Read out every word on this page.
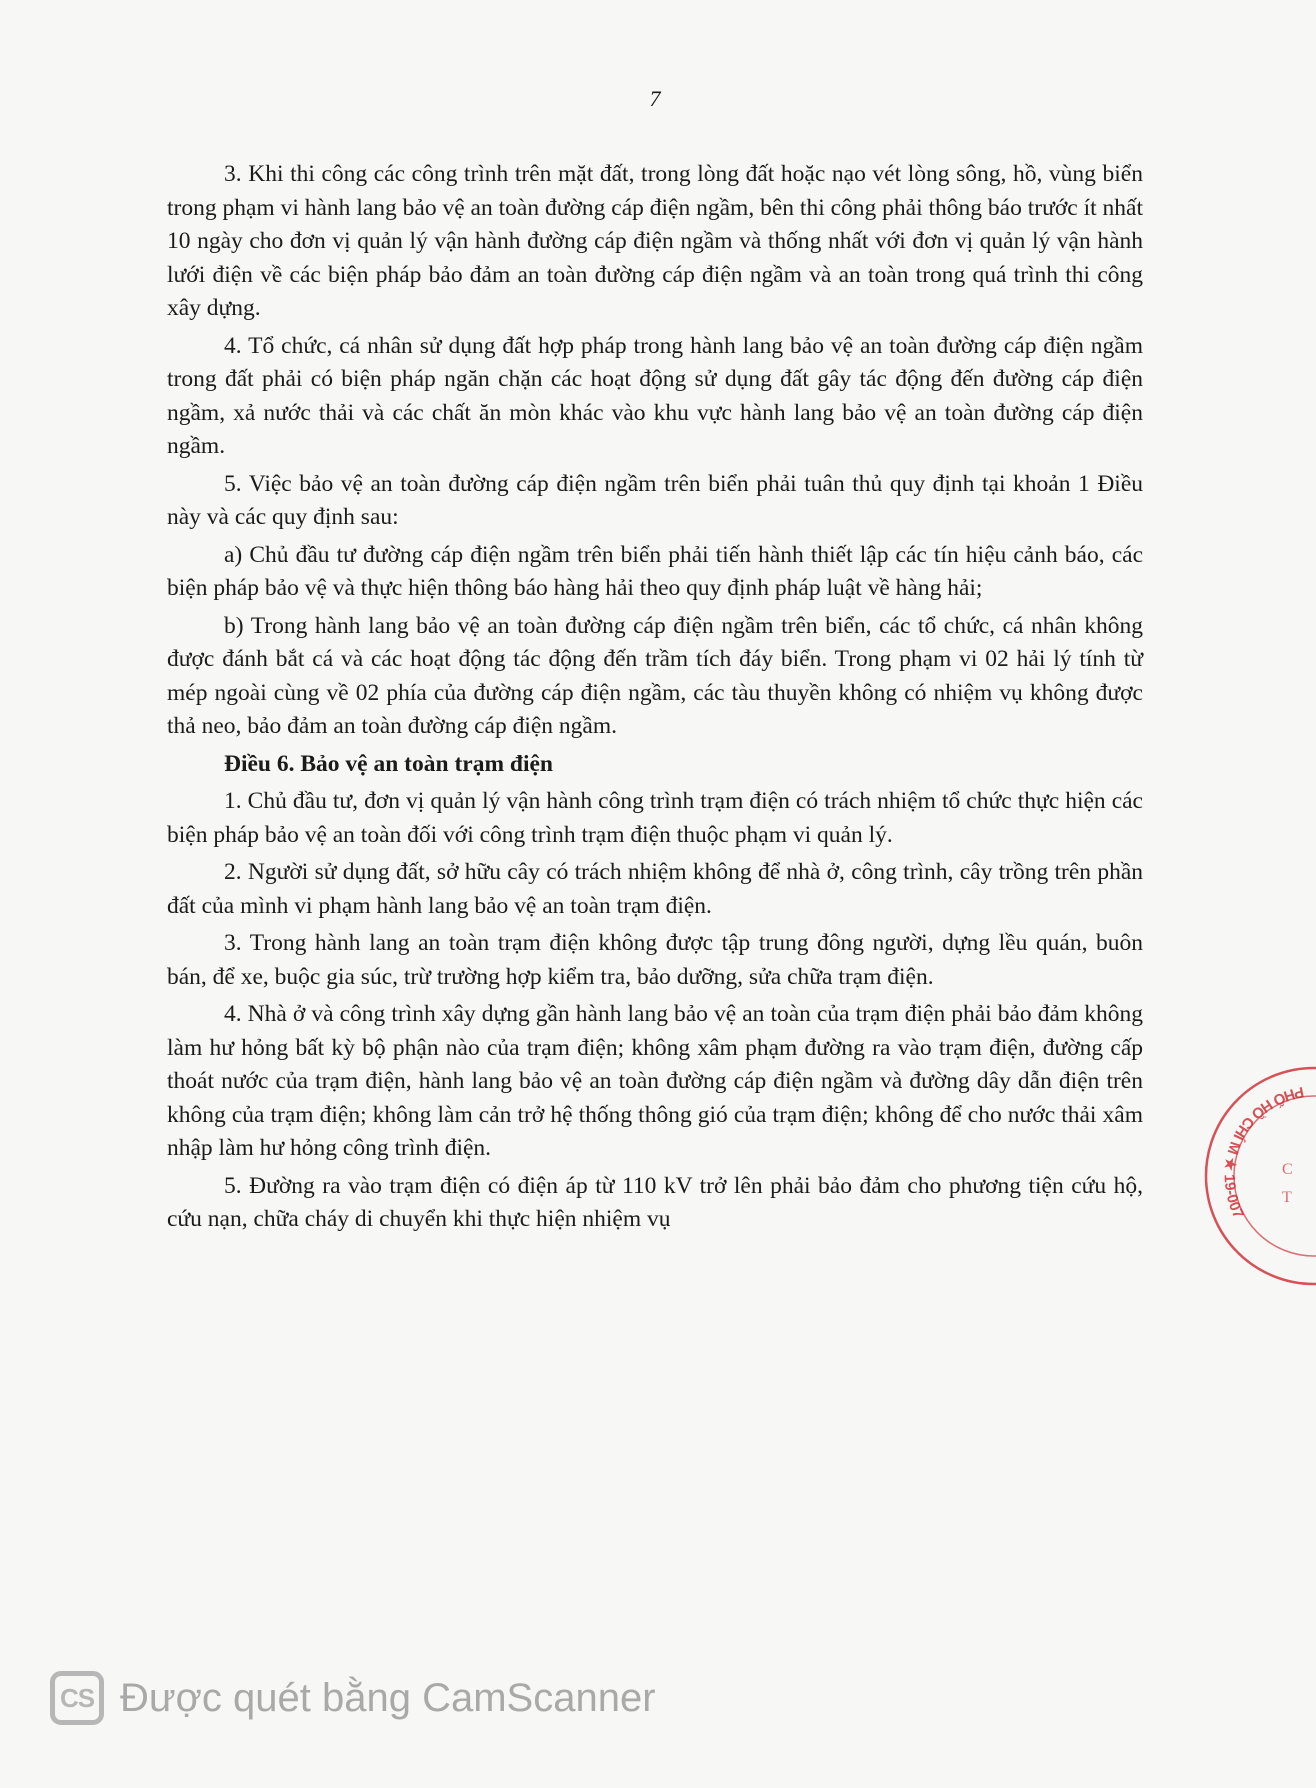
7

3. Khi thi công các công trình trên mặt đất, trong lòng đất hoặc nạo vét lòng sông, hồ, vùng biển trong phạm vi hành lang bảo vệ an toàn đường cáp điện ngầm, bên thi công phải thông báo trước ít nhất 10 ngày cho đơn vị quản lý vận hành đường cáp điện ngầm và thống nhất với đơn vị quản lý vận hành lưới điện về các biện pháp bảo đảm an toàn đường cáp điện ngầm và an toàn trong quá trình thi công xây dựng.

4. Tổ chức, cá nhân sử dụng đất hợp pháp trong hành lang bảo vệ an toàn đường cáp điện ngầm trong đất phải có biện pháp ngăn chặn các hoạt động sử dụng đất gây tác động đến đường cáp điện ngầm, xả nước thải và các chất ăn mòn khác vào khu vực hành lang bảo vệ an toàn đường cáp điện ngầm.

5. Việc bảo vệ an toàn đường cáp điện ngầm trên biển phải tuân thủ quy định tại khoản 1 Điều này và các quy định sau:

a) Chủ đầu tư đường cáp điện ngầm trên biển phải tiến hành thiết lập các tín hiệu cảnh báo, các biện pháp bảo vệ và thực hiện thông báo hàng hải theo quy định pháp luật về hàng hải;

b) Trong hành lang bảo vệ an toàn đường cáp điện ngầm trên biển, các tổ chức, cá nhân không được đánh bắt cá và các hoạt động tác động đến trầm tích đáy biển. Trong phạm vi 02 hải lý tính từ mép ngoài cùng về 02 phía của đường cáp điện ngầm, các tàu thuyền không có nhiệm vụ không được thả neo, bảo đảm an toàn đường cáp điện ngầm.

Điều 6. Bảo vệ an toàn trạm điện

1. Chủ đầu tư, đơn vị quản lý vận hành công trình trạm điện có trách nhiệm tổ chức thực hiện các biện pháp bảo vệ an toàn đối với công trình trạm điện thuộc phạm vi quản lý.

2. Người sử dụng đất, sở hữu cây có trách nhiệm không để nhà ở, công trình, cây trồng trên phần đất của mình vi phạm hành lang bảo vệ an toàn trạm điện.

3. Trong hành lang an toàn trạm điện không được tập trung đông người, dựng lều quán, buôn bán, để xe, buộc gia súc, trừ trường hợp kiểm tra, bảo dưỡng, sửa chữa trạm điện.

4. Nhà ở và công trình xây dựng gần hành lang bảo vệ an toàn của trạm điện phải bảo đảm không làm hư hỏng bất kỳ bộ phận nào của trạm điện; không xâm phạm đường ra vào trạm điện, đường cấp thoát nước của trạm điện, hành lang bảo vệ an toàn đường cáp điện ngầm và đường dây dẫn điện trên không của trạm điện; không làm cản trở hệ thống thông gió của trạm điện; không để cho nước thải xâm nhập làm hư hỏng công trình điện.

5. Đường ra vào trạm điện có điện áp từ 110 kV trở lên phải bảo đảm cho phương tiện cứu hộ, cứu nạn, chữa cháy di chuyển khi thực hiện nhiệm vụ

PHỐ HỒ CHÍ M ★ 19-007
C
T
CS Được quét bằng CamScanner
